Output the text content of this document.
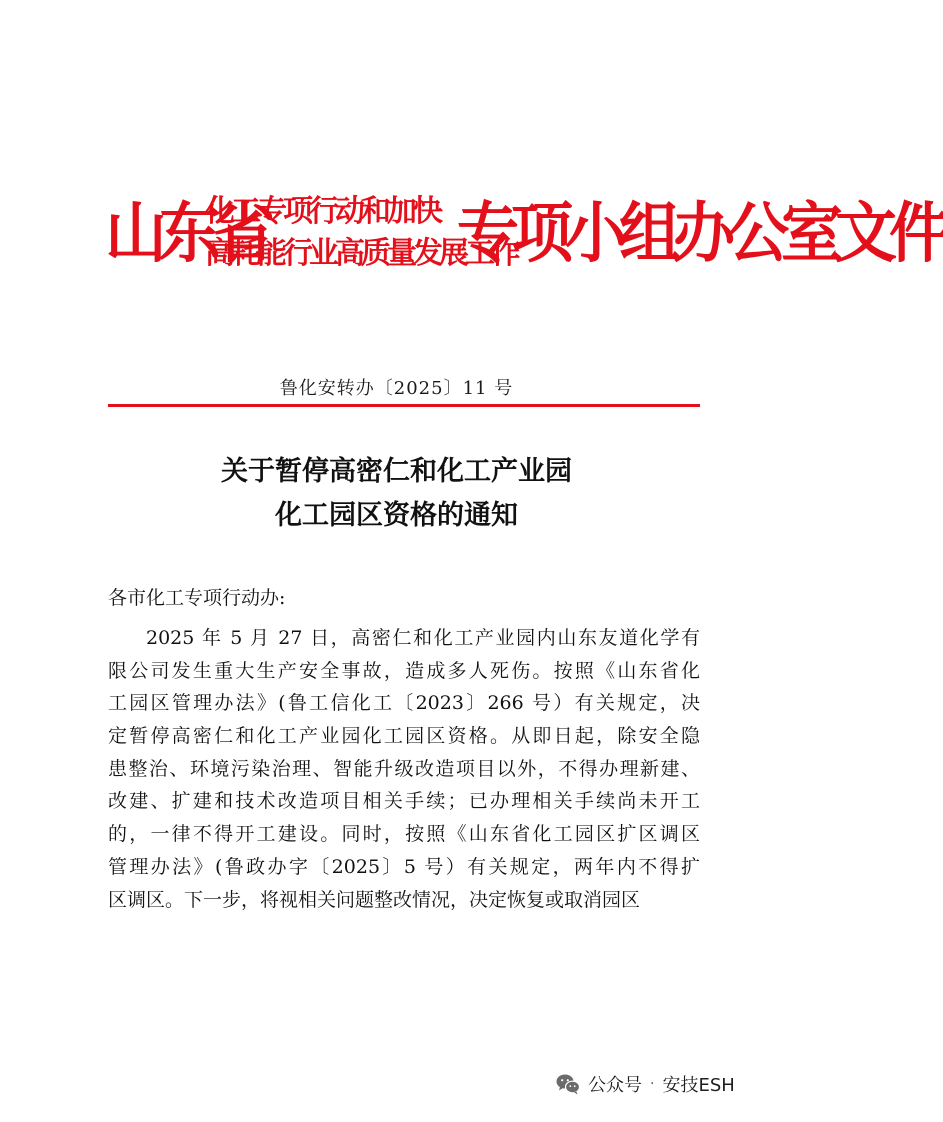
山东省
化工专项行动和加快
高耗能行业高质量发展工作
专项小组办公室文件
鲁化安转办〔2025〕11 号
关于暂停高密仁和化工产业园
化工园区资格的通知
各市化工专项行动办:
2025 年 5 月 27 日，高密仁和化工产业园内山东友道化学有
限公司发生重大生产安全事故，造成多人死伤。按照《山东省化
工园区管理办法》(鲁工信化工〔2023〕266 号）有关规定，决
定暂停高密仁和化工产业园化工园区资格。从即日起，除安全隐
患整治、环境污染治理、智能升级改造项目以外，不得办理新建、
改建、扩建和技术改造项目相关手续；已办理相关手续尚未开工
的，一律不得开工建设。同时，按照《山东省化工园区扩区调区
管理办法》(鲁政办字〔2025〕5 号）有关规定，两年内不得扩
区调区。下一步，将视相关问题整改情况，决定恢复或取消园区
公众号 · 安技ESH
